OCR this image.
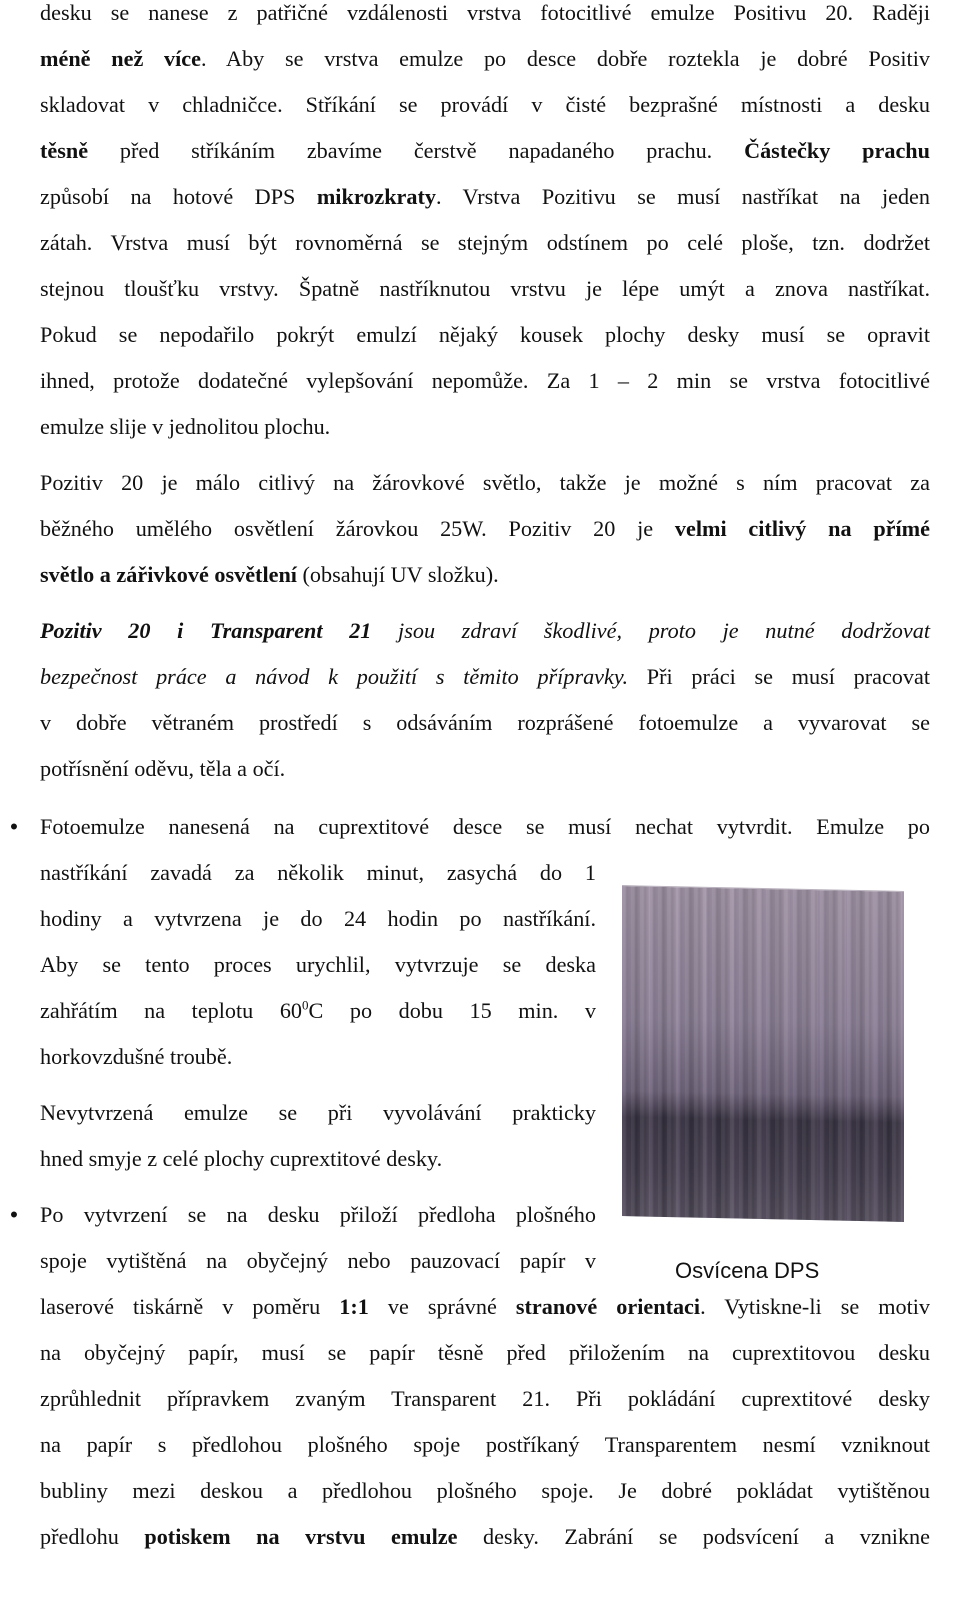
desku se nanese z patřičné vzdálenosti vrstva fotocitlivé emulze Positivu 20. Raději

méně než více. Aby se vrstva emulze po desce dobře roztekla je dobré Positiv

skladovat v chladničce. Stříkání se provádí v čisté bezprašné místnosti a desku

těsně před stříkáním zbavíme čerstvě napadaného prachu. Částečky prachu

způsobí na hotové DPS mikrozkraty. Vrstva Pozitivu se musí nastříkat na jeden

zátah. Vrstva musí být rovnoměrná se stejným odstínem po celé ploše, tzn. dodržet

stejnou tloušťku vrstvy. Špatně nastříknutou vrstvu je lépe umýt a znova nastříkat.

Pokud se nepodařilo pokrýt emulzí nějaký kousek plochy desky musí se opravit

ihned, protože dodatečné vylepšování nepomůže. Za 1 – 2 min se vrstva fotocitlivé

emulze slije v jednolitou plochu.

Pozitiv 20 je málo citlivý na žárovkové světlo, takže je možné s ním pracovat za

běžného umělého osvětlení žárovkou 25W. Pozitiv 20 je velmi citlivý na přímé

světlo a zářivkové osvětlení (obsahují UV složku).

Pozitiv 20 i Transparent 21 jsou zdraví škodlivé, proto je nutné dodržovat

bezpečnost práce a návod k použití s těmito přípravky. Při práci se musí pracovat

v dobře větraném prostředí s odsáváním rozprášené fotoemulze a vyvarovat se

potřísnění oděvu, těla a očí.

• Fotoemulze nanesená na cuprextitové desce se musí nechat vytvrdit. Emulze po

nastříkání zavadá za několik minut, zasychá do 1

hodiny a vytvrzena je do 24 hodin po nastříkání.

Aby se tento proces urychlil, vytvrzuje se deska

zahřátím na teplotu $60^0C$ po dobu 15 min. v

horkovzdušné troubě.

Nevytvrzená emulze se při vyvolávání prakticky

hned smyje z celé plochy cuprextitové desky.

• Po vytvrzení se na desku přiloží předloha plošného

spoje vytištěná na obyčejný nebo pauzovací papír v

laserové tiskárně v poměru 1:1 ve správné stranové orientaci. Vytiskne-li se motiv

na obyčejný papír, musí se papír těsně před přiložením na cuprextitovou desku

zprůhlednit přípravkem zvaným Transparent 21. Při pokládání cuprextitové desky

na papír s předlohou plošného spoje postříkaný Transparentem nesmí vzniknout

bubliny mezi deskou a předlohou plošného spoje. Je dobré pokládat vytištěnou

předlohu potiskem na vrstvu emulze desky. Zabrání se podsvícení a vznikne

Osvícena DPS
